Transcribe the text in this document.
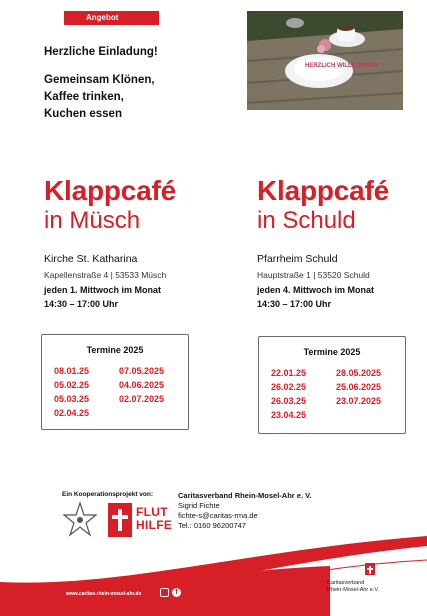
Angebot
Herzliche Einladung!
Gemeinsam Klönen,
Kaffee trinken,
Kuchen essen
HERZLICH WILLKOMMEN
Klappcafé
in Müsch
Kirche St. Katharina
Kapellenstraße 4 | 53533 Müsch
jeden 1. Mittwoch im Monat
14:30 – 17:00 Uhr
Klappcafé
in Schuld
Pfarrheim Schuld
Hauptstraße 1 | 53520 Schuld
jeden 4. Mittwoch im Monat
14:30 – 17:00 Uhr
Termine 2025
08.01.25	07.05.2025
05.02.25	04.06.2025
05.03.25	02.07.2025
02.04.25
Termine 2025
22.01.25	28.05.2025
26.02.25	25.06.2025
26.03.25	23.07.2025
23.04.25
Ein Kooperationsprojekt von:
FLUT HILFE
Caritasverband Rhein-Mosel-Ahr e. V.
Sigrid Fichte
fichte-s@caritas-rma.de
Tel.: 0160 96200747
www.caritas-rhein-mosel-ahr.de	f
Caritasverband
Rhein-Mosel-Ahr e.V.
